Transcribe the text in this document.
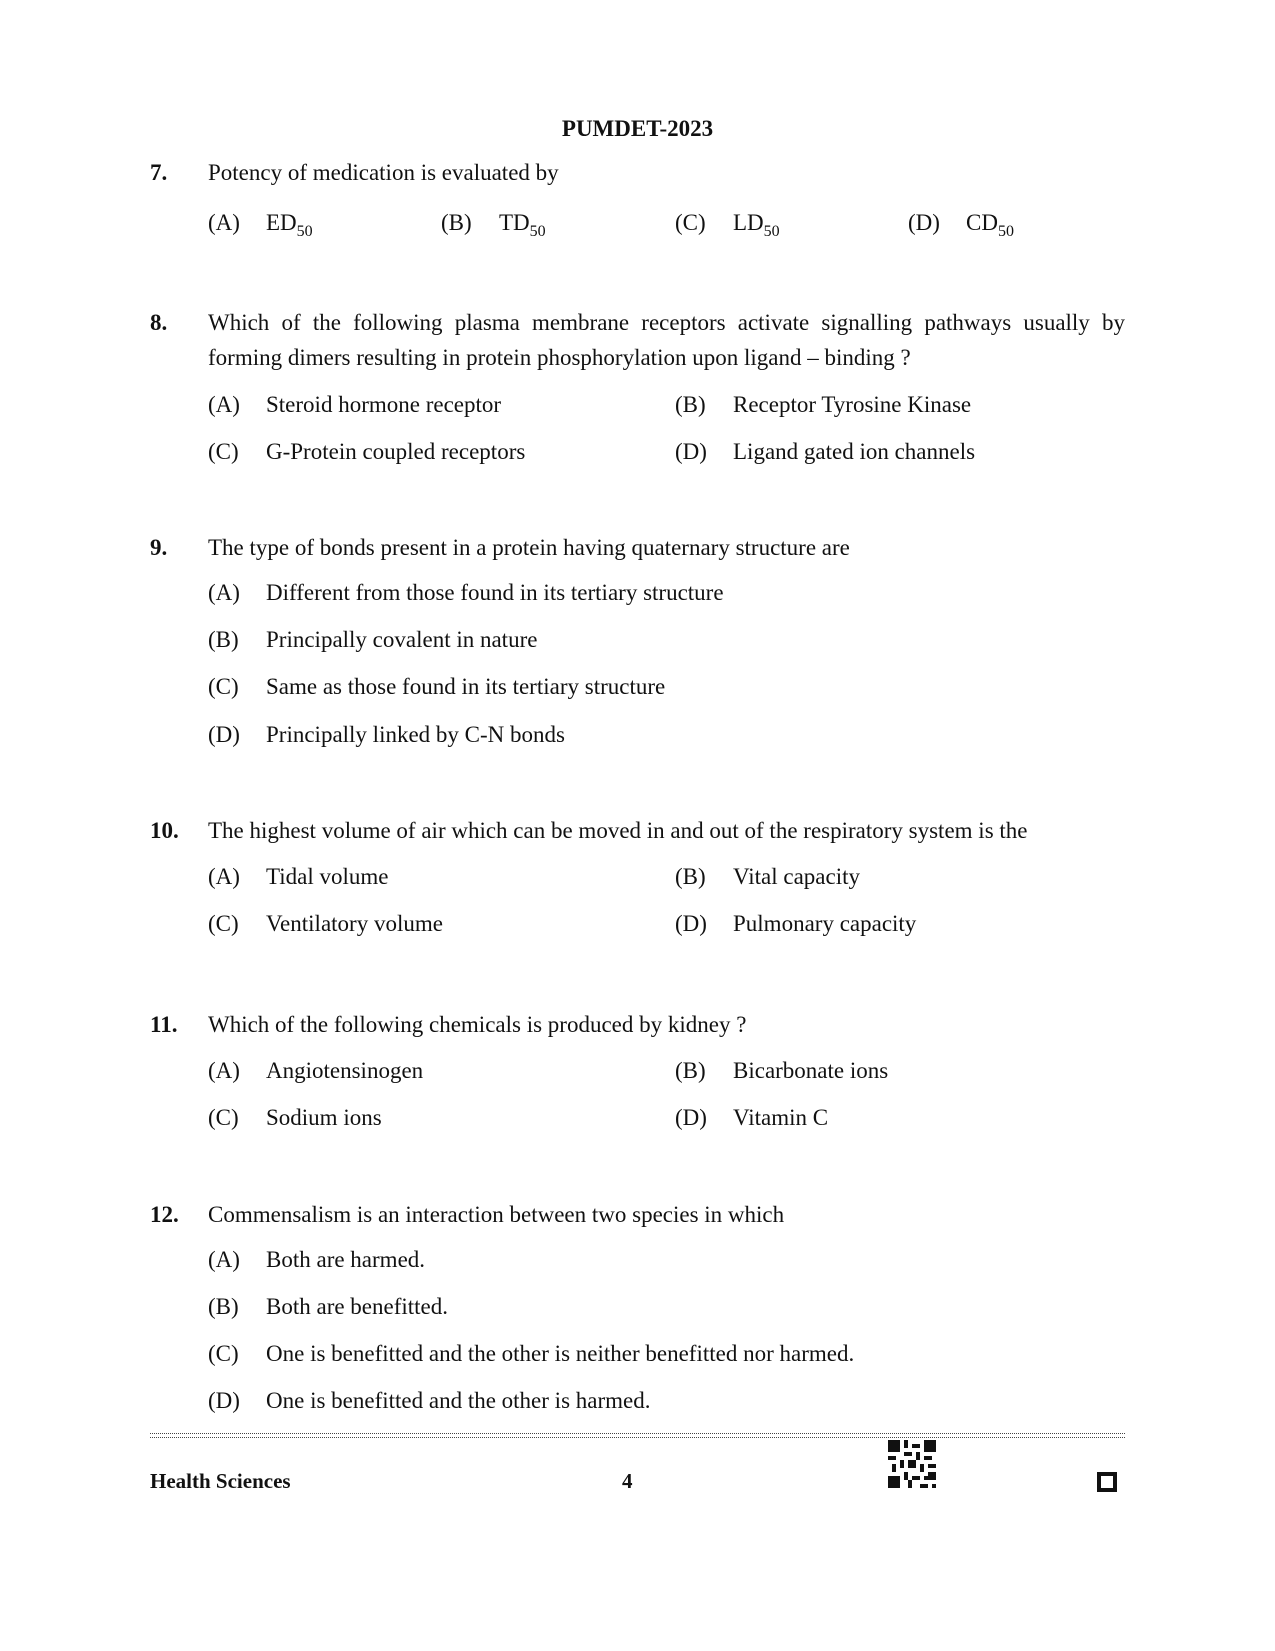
PUMDET-2023
7. Potency of medication is evaluated by
(A) $ED_{50}$	(B) $TD_{50}$	(C) $LD_{50}$	(D) $CD_{50}$
8. Which of the following plasma membrane receptors activate signalling pathways usually by forming dimers resulting in protein phosphorylation upon ligand – binding ?
(A) Steroid hormone receptor	(B) Receptor Tyrosine Kinase
(C) G-Protein coupled receptors	(D) Ligand gated ion channels
9. The type of bonds present in a protein having quaternary structure are
(A) Different from those found in its tertiary structure
(B) Principally covalent in nature
(C) Same as those found in its tertiary structure
(D) Principally linked by C-N bonds
10. The highest volume of air which can be moved in and out of the respiratory system is the
(A) Tidal volume	(B) Vital capacity
(C) Ventilatory volume	(D) Pulmonary capacity
11. Which of the following chemicals is produced by kidney ?
(A) Angiotensinogen	(B) Bicarbonate ions
(C) Sodium ions	(D) Vitamin C
12. Commensalism is an interaction between two species in which
(A) Both are harmed.
(B) Both are benefitted.
(C) One is benefitted and the other is neither benefitted nor harmed.
(D) One is benefitted and the other is harmed.
Health Sciences	4
